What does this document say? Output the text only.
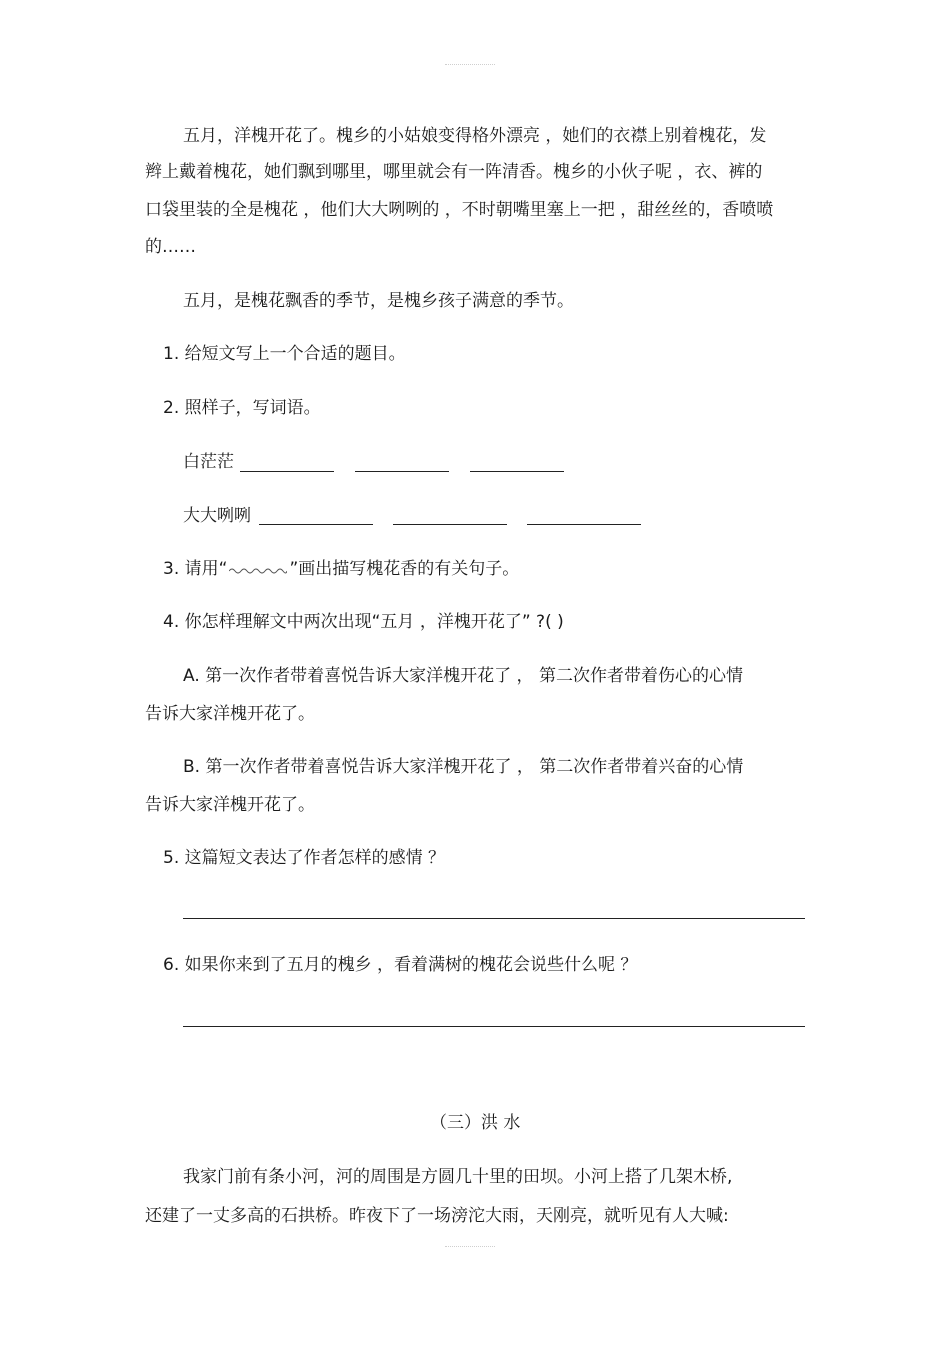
五月，洋槐开花了。槐乡的小姑娘变得格外漂亮 ，她们的衣襟上别着槐花，发
辫上戴着槐花，她们飘到哪里，哪里就会有一阵清香。槐乡的小伙子呢 ，衣、裤的
口袋里装的全是槐花 ，他们大大咧咧的 ，不时朝嘴里塞上一把 ，甜丝丝的，香喷喷
的……
五月，是槐花飘香的季节，是槐乡孩子满意的季节。
1. 给短文写上一个合适的题目。
2. 照样子，写词语。
白茫茫
大大咧咧
3. 请用“	”画出描写槐花香的有关句子。
4. 你怎样理解文中两次出现“五月 ，洋槐开花了” ?( )
A. 第一次作者带着喜悦告诉大家洋槐开花了 ， 第二次作者带着伤心的心情
告诉大家洋槐开花了。
B. 第一次作者带着喜悦告诉大家洋槐开花了 ， 第二次作者带着兴奋的心情
告诉大家洋槐开花了。
5. 这篇短文表达了作者怎样的感情 ？
6. 如果你来到了五月的槐乡 ，看着满树的槐花会说些什么呢 ？
（三）洪 水
我家门前有条小河，河的周围是方圆几十里的田坝。小河上搭了几架木桥,
还建了一丈多高的石拱桥。昨夜下了一场滂沱大雨，天刚亮，就听见有人大喊:
